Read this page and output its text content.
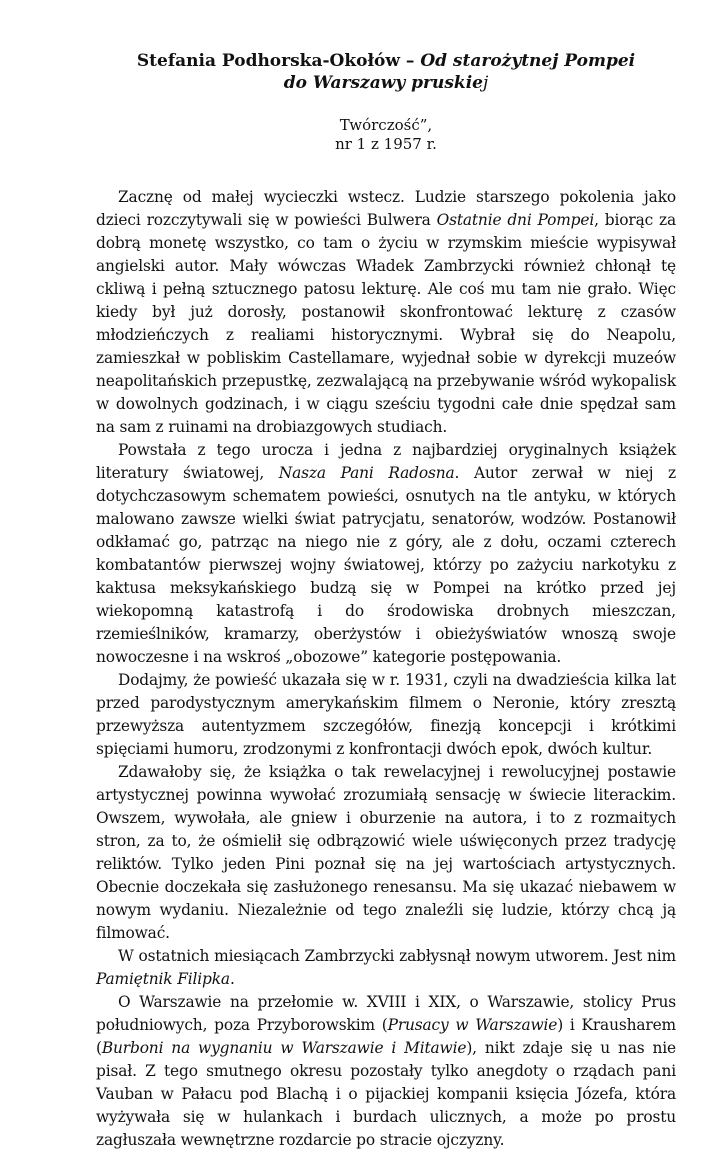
Stefania Podhorska-Okołów – Od starożytnej Pompei
do Warszawy pruskiej
Twórczość”,
nr 1 z 1957 r.

Zacznę od małej wycieczki wstecz. Ludzie starszego pokolenia jako dzieci rozczytywali się w powieści Bulwera Ostatnie dni Pompei, biorąc za dobrą monetę wszystko, co tam o życiu w rzymskim mieście wypisywał angielski autor. Mały wówczas Władek Zambrzycki również chłonął tę ckliwą i pełną sztucznego patosu lekturę. Ale coś mu tam nie grało. Więc kiedy był już dorosły, postanowił skonfrontować lekturę z czasów młodzieńczych z realiami historycznymi. Wybrał się do Neapolu, zamieszkał w pobliskim Castellamare, wyjednał sobie w dyrekcji muzeów neapolitańskich przepustkę, zezwalającą na przebywanie wśród wykopalisk w dowolnych godzinach, i w ciągu sześciu tygodni całe dnie spędzał sam na sam z ruinami na drobiazgowych studiach.

Powstała z tego urocza i jedna z najbardziej oryginalnych książek literatury światowej, Nasza Pani Radosna. Autor zerwał w niej z dotychczasowym schematem powieści, osnutych na tle antyku, w których malowano zawsze wielki świat patrycjatu, senatorów, wodzów. Postanowił odkłamać go, patrząc na niego nie z góry, ale z dołu, oczami czterech kombatantów pierwszej wojny światowej, którzy po zażyciu narkotyku z kaktusa meksykańskiego budzą się w Pompei na krótko przed jej wiekopomną katastrofą i do środowiska drobnych mieszczan, rzemieślników, kramarzy, oberżystów i obieżyświatów wnoszą swoje nowoczesne i na wskroś „obozowe” kategorie postępowania.

Dodajmy, że powieść ukazała się w r. 1931, czyli na dwadzieścia kilka lat przed parodystycznym amerykańskim filmem o Neronie, który zresztą przewyższa autentyzmem szczegółów, finezją koncepcji i krótkimi spięciami humoru, zrodzonymi z konfrontacji dwóch epok, dwóch kultur.

Zdawałoby się, że książka o tak rewelacyjnej i rewolucyjnej postawie artystycznej powinna wywołać zrozumiałą sensację w świecie literackim. Owszem, wywołała, ale gniew i oburzenie na autora, i to z rozmaitych stron, za to, że ośmielił się odbrązowić wiele uświęconych przez tradycję reliktów. Tylko jeden Pini poznał się na jej wartościach artystycznych. Obecnie doczekała się zasłużonego renesansu. Ma się ukazać niebawem w nowym wydaniu. Niezależnie od tego znaleźli się ludzie, którzy chcą ją filmować.

W ostatnich miesiącach Zambrzycki zabłysnął nowym utworem. Jest nim Pamiętnik Filipka.

O Warszawie na przełomie w. XVIII i XIX, o Warszawie, stolicy Prus południowych, poza Przyborowskim (Prusacy w Warszawie) i Krausharem (Burboni na wygnaniu w Warszawie i Mitawie), nikt zdaje się u nas nie pisał. Z tego smutnego okresu pozostały tylko anegdoty o rządach pani Vauban w Pałacu pod Blachą i o pijackiej kompanii księcia Józefa, która wyżywała się w hulankach i burdach ulicznych, a może po prostu zagłuszała wewnętrzne rozdarcie po stracie ojczyzny.
